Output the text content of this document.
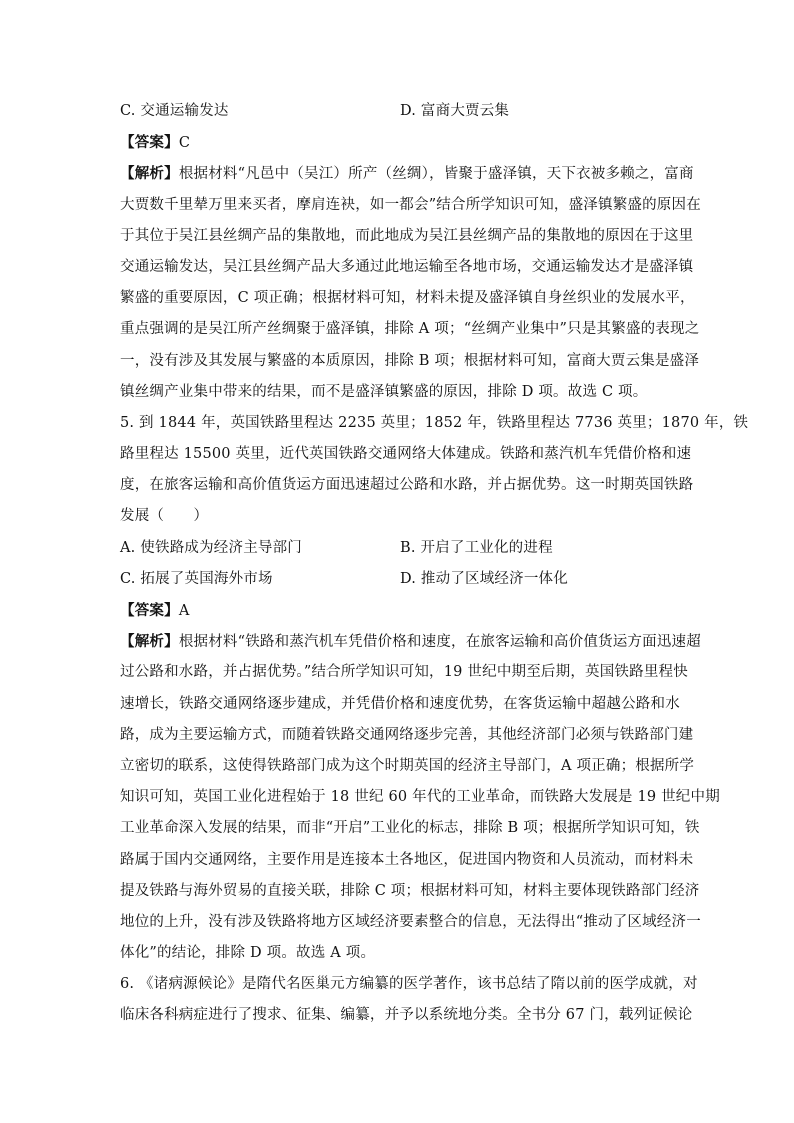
C. 交通运输发达	D. 富商大贾云集
【答案】C
【解析】根据材料“凡邑中（吴江）所产（丝绸），皆聚于盛泽镇，天下衣被多赖之，富商
大贾数千里辇万里来买者，摩肩连袂，如一都会”结合所学知识可知，盛泽镇繁盛的原因在
于其位于吴江县丝绸产品的集散地，而此地成为吴江县丝绸产品的集散地的原因在于这里
交通运输发达，吴江县丝绸产品大多通过此地运输至各地市场，交通运输发达才是盛泽镇
繁盛的重要原因，C 项正确；根据材料可知，材料未提及盛泽镇自身丝织业的发展水平，
重点强调的是吴江所产丝绸聚于盛泽镇，排除 A 项；“丝绸产业集中”只是其繁盛的表现之
一，没有涉及其发展与繁盛的本质原因，排除 B 项；根据材料可知，富商大贾云集是盛泽
镇丝绸产业集中带来的结果，而不是盛泽镇繁盛的原因，排除 D 项。故选 C 项。
5. 到 1844 年，英国铁路里程达 2235 英里；1852 年，铁路里程达 7736 英里；1870 年，铁
路里程达 15500 英里，近代英国铁路交通网络大体建成。铁路和蒸汽机车凭借价格和速
度，在旅客运输和高价值货运方面迅速超过公路和水路，并占据优势。这一时期英国铁路
发展（　　）
A. 使铁路成为经济主导部门	B. 开启了工业化的进程
C. 拓展了英国海外市场	D. 推动了区域经济一体化
【答案】A
【解析】根据材料“铁路和蒸汽机车凭借价格和速度，在旅客运输和高价值货运方面迅速超
过公路和水路，并占据优势。”结合所学知识可知，19 世纪中期至后期，英国铁路里程快
速增长，铁路交通网络逐步建成，并凭借价格和速度优势，在客货运输中超越公路和水
路，成为主要运输方式，而随着铁路交通网络逐步完善，其他经济部门必须与铁路部门建
立密切的联系，这使得铁路部门成为这个时期英国的经济主导部门，A 项正确；根据所学
知识可知，英国工业化进程始于 18 世纪 60 年代的工业革命，而铁路大发展是 19 世纪中期
工业革命深入发展的结果，而非“开启”工业化的标志，排除 B 项；根据所学知识可知，铁
路属于国内交通网络，主要作用是连接本土各地区，促进国内物资和人员流动，而材料未
提及铁路与海外贸易的直接关联，排除 C 项；根据材料可知，材料主要体现铁路部门经济
地位的上升，没有涉及铁路将地方区域经济要素整合的信息，无法得出“推动了区域经济一
体化”的结论，排除 D 项。故选 A 项。
6. 《诸病源候论》是隋代名医巢元方编纂的医学著作，该书总结了隋以前的医学成就，对
临床各科病症进行了搜求、征集、编纂，并予以系统地分类。全书分 67 门，载列证候论
